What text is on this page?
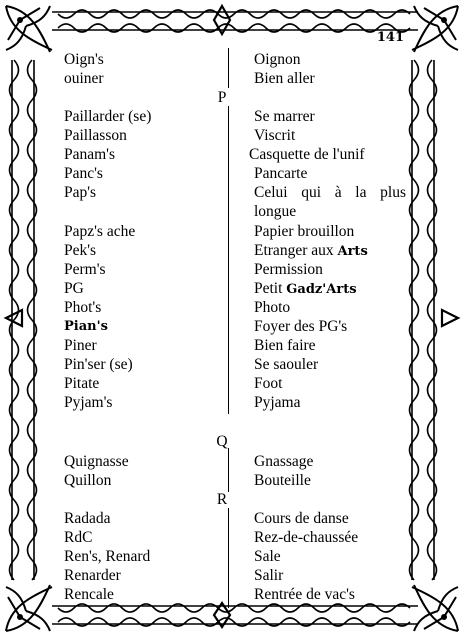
141
Oign's	Oignon
ouiner	Bien aller
P
Paillarder (se)	Se marrer
Paillasson	Viscrit
Panam's	Casquette de l'unif
Panc's	Pancarte
Pap's	Celui qui à la plus longue
Papz's ache	Papier brouillon
Pek's	Etranger aux Arts
Perm's	Permission
PG	Petit Gadz'Arts
Phot's	Photo
Pian's	Foyer des PG's
Piner	Bien faire
Pin'ser (se)	Se saouler
Pitate	Foot
Pyjam's	Pyjama
Q
Quignasse	Gnassage
Quillon	Bouteille
R
Radada	Cours de danse
RdC	Rez-de-chaussée
Ren's, Renard	Sale
Renarder	Salir
Rencale	Rentrée de vac's
